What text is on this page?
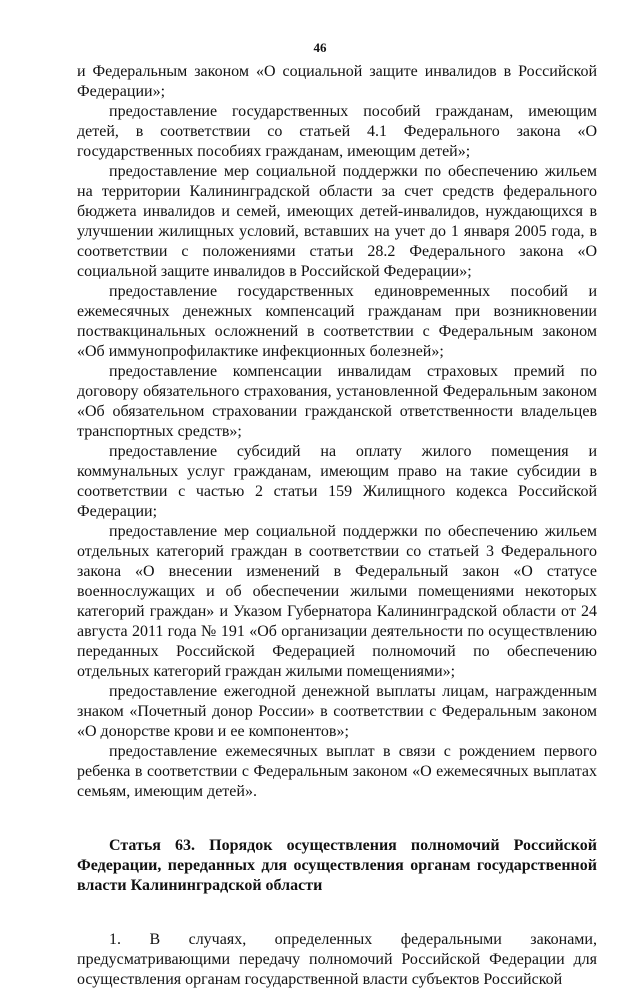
46

и Федеральным законом «О социальной защите инвалидов в Российской Федерации»;

предоставление государственных пособий гражданам, имеющим детей, в соответствии со статьей 4.1 Федерального закона «О государственных пособиях гражданам, имеющим детей»;

предоставление мер социальной поддержки по обеспечению жильем на территории Калининградской области за счет средств федерального бюджета инвалидов и семей, имеющих детей-инвалидов, нуждающихся в улучшении жилищных условий, вставших на учет до 1 января 2005 года, в соответствии с положениями статьи 28.2 Федерального закона «О социальной защите инвалидов в Российской Федерации»;

предоставление государственных единовременных пособий и ежемесячных денежных компенсаций гражданам при возникновении поствакцинальных осложнений в соответствии с Федеральным законом «Об иммунопрофилактике инфекционных болезней»;

предоставление компенсации инвалидам страховых премий по договору обязательного страхования, установленной Федеральным законом «Об обязательном страховании гражданской ответственности владельцев транспортных средств»;

предоставление субсидий на оплату жилого помещения и коммунальных услуг гражданам, имеющим право на такие субсидии в соответствии с частью 2 статьи 159 Жилищного кодекса Российской Федерации;

предоставление мер социальной поддержки по обеспечению жильем отдельных категорий граждан в соответствии со статьей 3 Федерального закона «О внесении изменений в Федеральный закон «О статусе военнослужащих и об обеспечении жилыми помещениями некоторых категорий граждан» и Указом Губернатора Калининградской области от 24 августа 2011 года № 191 «Об организации деятельности по осуществлению переданных Российской Федерацией полномочий по обеспечению отдельных категорий граждан жилыми помещениями»;

предоставление ежегодной денежной выплаты лицам, награжденным знаком «Почетный донор России» в соответствии с Федеральным законом «О донорстве крови и ее компонентов»;

предоставление ежемесячных выплат в связи с рождением первого ребенка в соответствии с Федеральным законом «О ежемесячных выплатах семьям, имеющим детей».

Статья 63. Порядок осуществления полномочий Российской Федерации, переданных для осуществления органам государственной власти Калининградской области

1. В случаях, определенных федеральными законами, предусматривающими передачу полномочий Российской Федерации для осуществления органам государственной власти субъектов Российской
